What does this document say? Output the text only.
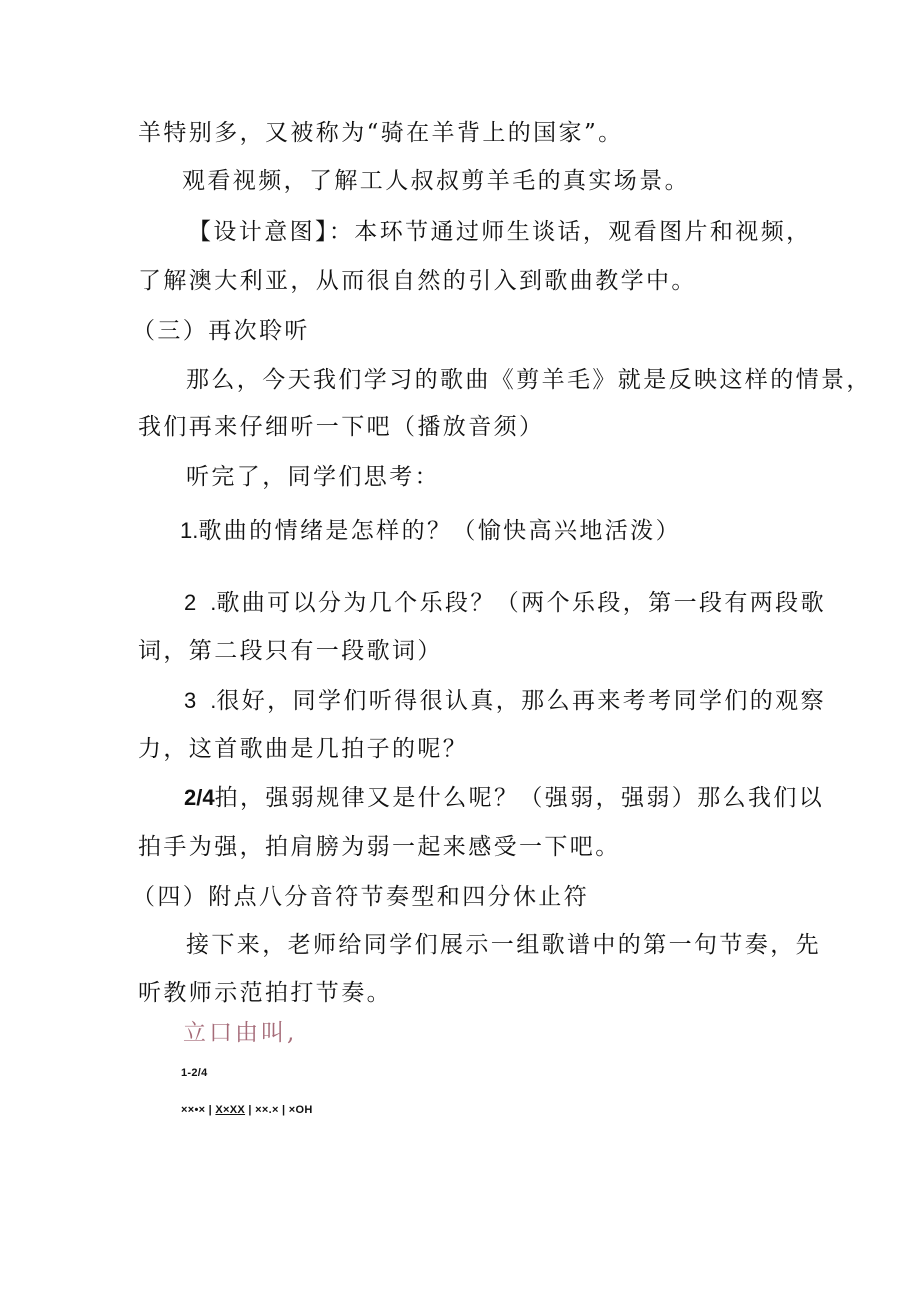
羊特别多，又被称为“骑在羊背上的国家”。
观看视频，了解工人叔叔剪羊毛的真实场景。
【设计意图】：本环节通过师生谈话，观看图片和视频，
了解澳大利亚，从而很自然的引入到歌曲教学中。
（三）再次聆听
那么，今天我们学习的歌曲《剪羊毛》就是反映这样的情景，
我们再来仔细听一下吧（播放音须）
听完了，同学们思考：
1.歌曲的情绪是怎样的？（愉快高兴地活泼）
2 .歌曲可以分为几个乐段？（两个乐段，第一段有两段歌
词，第二段只有一段歌词）
3 .很好，同学们听得很认真，那么再来考考同学们的观察
力，这首歌曲是几拍子的呢？
2/4拍，强弱规律又是什么呢？（强弱，强弱）那么我们以
拍手为强，拍肩膀为弱一起来感受一下吧。
（四）附点八分音符节奏型和四分休止符
接下来，老师给同学们展示一组歌谱中的第一句节奏，先
听教师示范拍打节奏。
立口由叫,
1-2/4
××•× | X×XX | ××.× | ×OH
